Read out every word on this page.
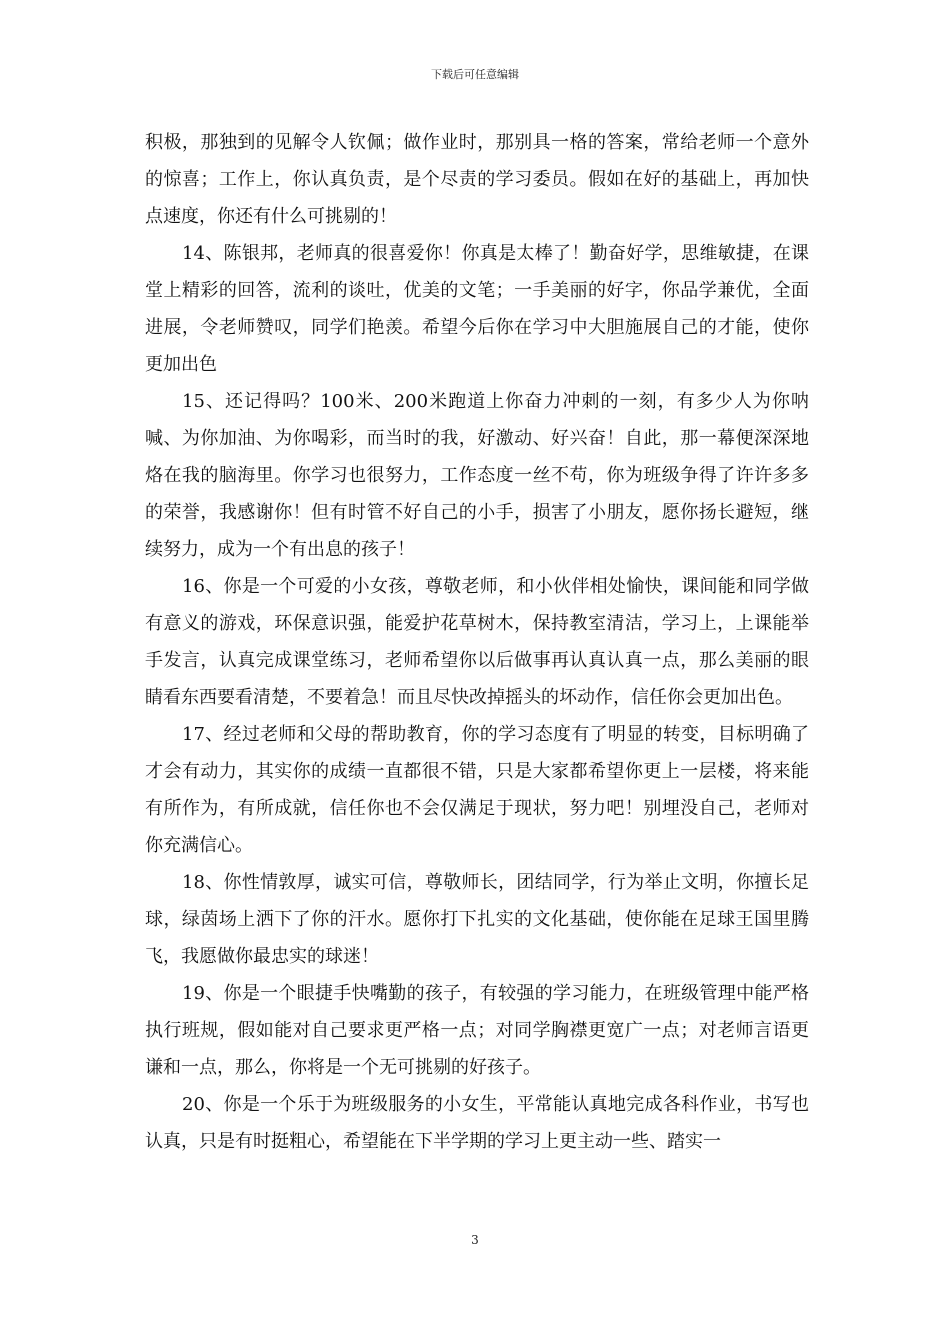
下载后可任意编辑

积极，那独到的见解令人钦佩；做作业时，那别具一格的答案，常给老师一个意外的惊喜；工作上，你认真负责，是个尽责的学习委员。假如在好的基础上，再加快点速度，你还有什么可挑剔的！

14、陈银邦，老师真的很喜爱你！你真是太棒了！勤奋好学，思维敏捷，在课堂上精彩的回答，流利的谈吐，优美的文笔；一手美丽的好字，你品学兼优，全面进展，令老师赞叹，同学们艳羡。希望今后你在学习中大胆施展自己的才能，使你更加出色

15、还记得吗？100米、200米跑道上你奋力冲刺的一刻，有多少人为你呐喊、为你加油、为你喝彩，而当时的我，好激动、好兴奋！自此，那一幕便深深地烙在我的脑海里。你学习也很努力，工作态度一丝不苟，你为班级争得了许许多多的荣誉，我感谢你！但有时管不好自己的小手，损害了小朋友，愿你扬长避短，继续努力，成为一个有出息的孩子！

16、你是一个可爱的小女孩，尊敬老师，和小伙伴相处愉快，课间能和同学做有意义的游戏，环保意识强，能爱护花草树木，保持教室清洁，学习上，上课能举手发言，认真完成课堂练习，老师希望你以后做事再认真认真一点，那么美丽的眼睛看东西要看清楚，不要着急！而且尽快改掉摇头的坏动作，信任你会更加出色。

17、经过老师和父母的帮助教育，你的学习态度有了明显的转变，目标明确了才会有动力，其实你的成绩一直都很不错，只是大家都希望你更上一层楼，将来能有所作为，有所成就，信任你也不会仅满足于现状，努力吧！别埋没自己，老师对你充满信心。

18、你性情敦厚，诚实可信，尊敬师长，团结同学，行为举止文明，你擅长足球，绿茵场上洒下了你的汗水。愿你打下扎实的文化基础，使你能在足球王国里腾飞，我愿做你最忠实的球迷！

19、你是一个眼捷手快嘴勤的孩子，有较强的学习能力，在班级管理中能严格执行班规，假如能对自己要求更严格一点；对同学胸襟更宽广一点；对老师言语更谦和一点，那么，你将是一个无可挑剔的好孩子。

20、你是一个乐于为班级服务的小女生，平常能认真地完成各科作业，书写也认真，只是有时挺粗心，希望能在下半学期的学习上更主动一些、踏实一

3
